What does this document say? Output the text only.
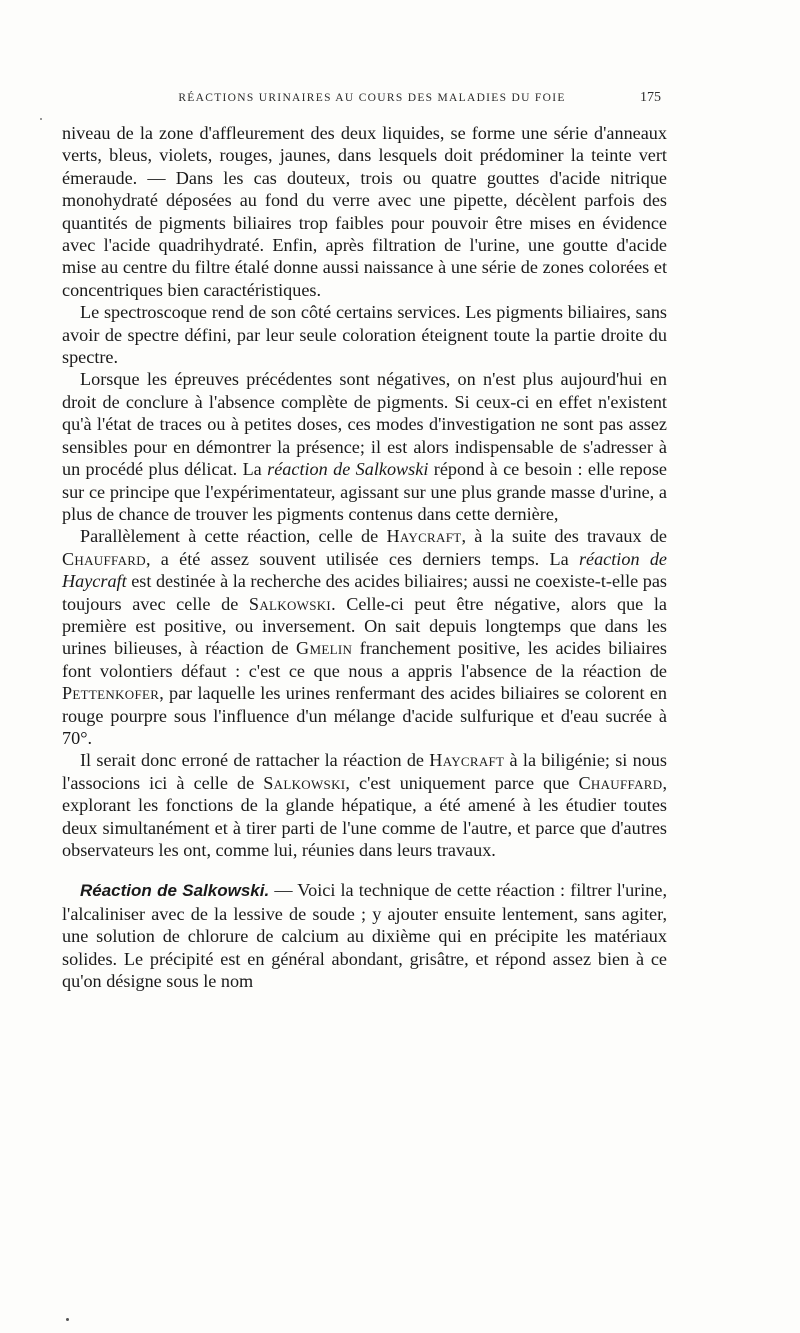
RÉACTIONS URINAIRES AU COURS DES MALADIES DU FOIE	175

niveau de la zone d'affleurement des deux liquides, se forme une série d'anneaux verts, bleus, violets, rouges, jaunes, dans lesquels doit prédominer la teinte vert émeraude. — Dans les cas douteux, trois ou quatre gouttes d'acide nitrique monohydraté déposées au fond du verre avec une pipette, décèlent parfois des quantités de pigments biliaires trop faibles pour pouvoir être mises en évidence avec l'acide quadrihydraté. Enfin, après filtration de l'urine, une goutte d'acide mise au centre du filtre étalé donne aussi naissance à une série de zones colorées et concentriques bien caractéristiques.

Le spectroscoque rend de son côté certains services. Les pigments biliaires, sans avoir de spectre défini, par leur seule coloration éteignent toute la partie droite du spectre.

Lorsque les épreuves précédentes sont négatives, on n'est plus aujourd'hui en droit de conclure à l'absence complète de pigments. Si ceux-ci en effet n'existent qu'à l'état de traces ou à petites doses, ces modes d'investigation ne sont pas assez sensibles pour en démontrer la présence; il est alors indispensable de s'adresser à un procédé plus délicat. La réaction de Salkowski répond à ce besoin : elle repose sur ce principe que l'expérimentateur, agissant sur une plus grande masse d'urine, a plus de chance de trouver les pigments contenus dans cette dernière,

Parallèlement à cette réaction, celle de Haycraft, à la suite des travaux de Chauffard, a été assez souvent utilisée ces derniers temps. La réaction de Haycraft est destinée à la recherche des acides biliaires; aussi ne coexiste-t-elle pas toujours avec celle de Salkowski. Celle-ci peut être négative, alors que la première est positive, ou inversement. On sait depuis longtemps que dans les urines bilieuses, à réaction de Gmelin franchement positive, les acides biliaires font volontiers défaut : c'est ce que nous a appris l'absence de la réaction de Pettenkofer, par laquelle les urines renfermant des acides biliaires se colorent en rouge pourpre sous l'influence d'un mélange d'acide sulfurique et d'eau sucrée à 70°.

Il serait donc erroné de rattacher la réaction de Haycraft à la biligénie; si nous l'associons ici à celle de Salkowski, c'est uniquement parce que Chauffard, explorant les fonctions de la glande hépatique, a été amené à les étudier toutes deux simultanément et à tirer parti de l'une comme de l'autre, et parce que d'autres observateurs les ont, comme lui, réunies dans leurs travaux.

Réaction de Salkowski. — Voici la technique de cette réaction : filtrer l'urine, l'alcaliniser avec de la lessive de soude ; y ajouter ensuite lentement, sans agiter, une solution de chlorure de calcium au dixième qui en précipite les matériaux solides. Le précipité est en général abondant, grisâtre, et répond assez bien à ce qu'on désigne sous le nom
